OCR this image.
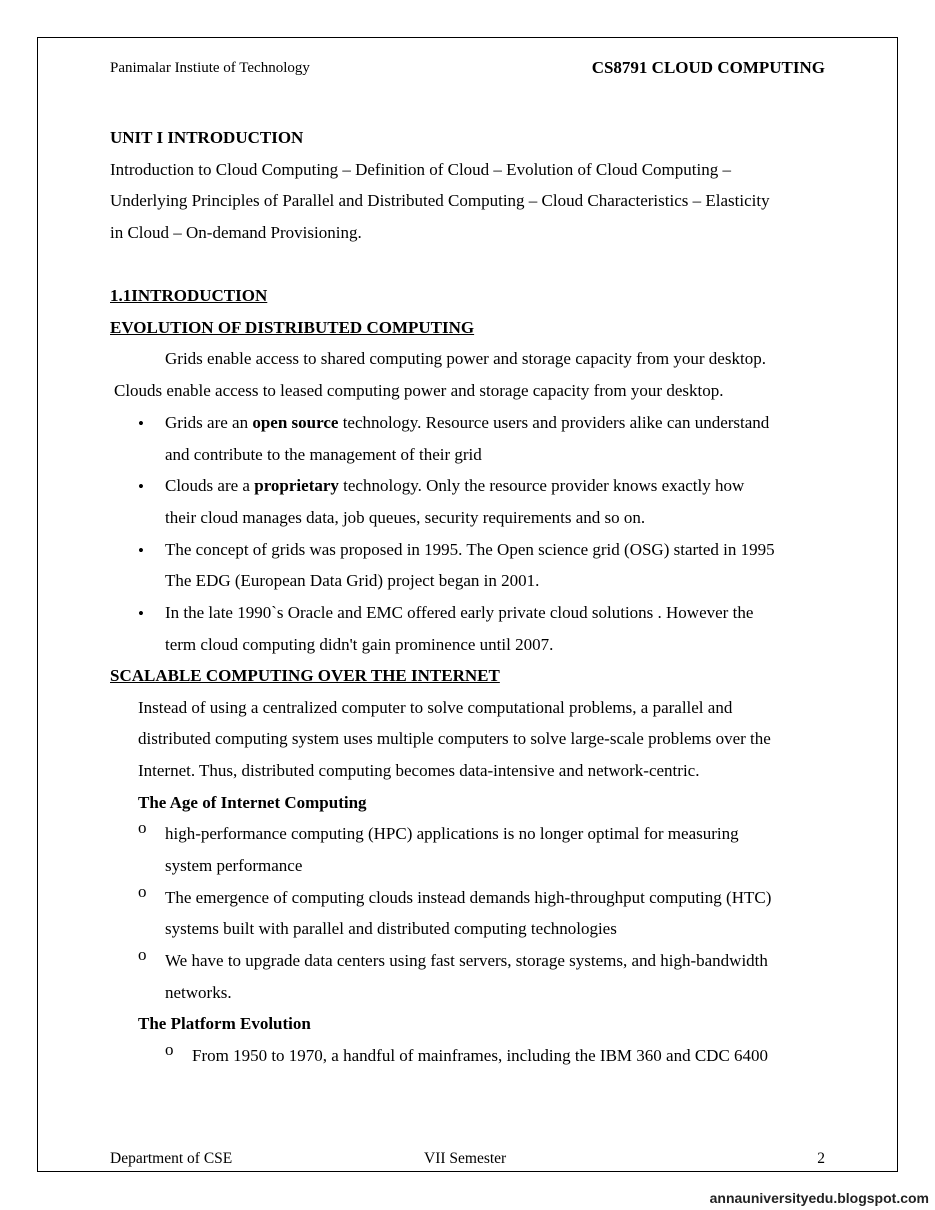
Panimalar Instiute of Technology	CS8791 CLOUD COMPUTING
UNIT I INTRODUCTION
Introduction to Cloud Computing – Definition of Cloud – Evolution of Cloud Computing –
Underlying Principles of Parallel and Distributed Computing – Cloud Characteristics – Elasticity
in Cloud – On-demand Provisioning.
1.1INTRODUCTION
EVOLUTION OF DISTRIBUTED COMPUTING
Grids enable access to shared computing power and storage capacity from your desktop.
Clouds enable access to leased computing power and storage capacity from your desktop.
• Grids are an open source technology. Resource users and providers alike can understand
and contribute to the management of their grid
• Clouds are a proprietary technology. Only the resource provider knows exactly how
their cloud manages data, job queues, security requirements and so on.
• The concept of grids was proposed in 1995. The Open science grid (OSG) started in 1995
The EDG (European Data Grid) project began in 2001.
• In the late 1990`s Oracle and EMC offered early private cloud solutions . However the
term cloud computing didn't gain prominence until 2007.
SCALABLE COMPUTING OVER THE INTERNET
Instead of using a centralized computer to solve computational problems, a parallel and
distributed computing system uses multiple computers to solve large-scale problems over the
Internet. Thus, distributed computing becomes data-intensive and network-centric.
The Age of Internet Computing
o high-performance computing (HPC) applications is no longer optimal for measuring
system performance
o The emergence of computing clouds instead demands high-throughput computing (HTC)
systems built with parallel and distributed computing technologies
o We have to upgrade data centers using fast servers, storage systems, and high-bandwidth
networks.
The Platform Evolution
o From 1950 to 1970, a handful of mainframes, including the IBM 360 and CDC 6400
Department of CSE	VII Semester	2
annauniversityedu.blogspot.com
